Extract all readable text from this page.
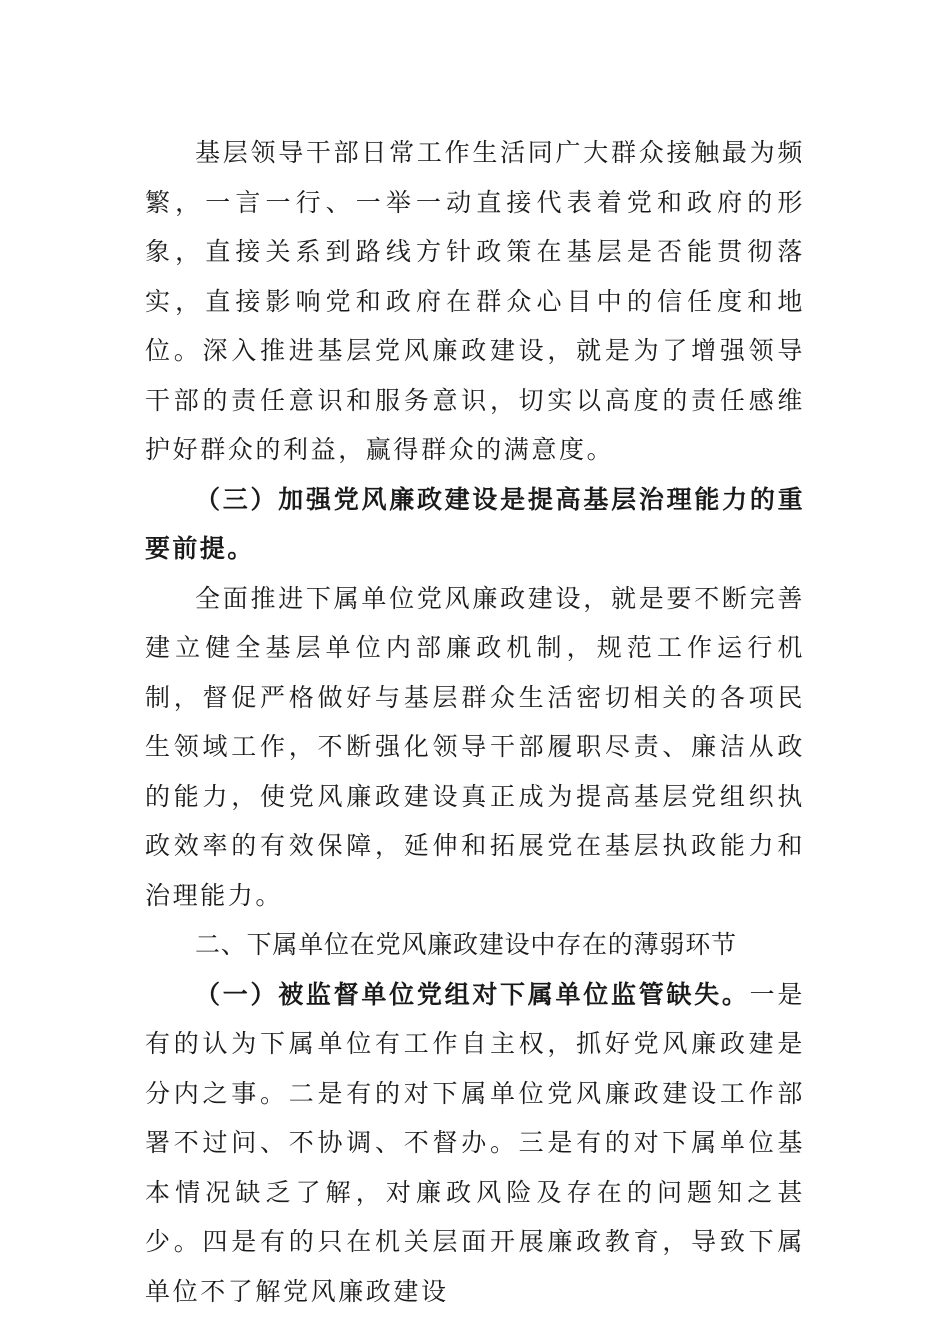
基层领导干部日常工作生活同广大群众接触最为频繁，一言一行、一举一动直接代表着党和政府的形象，直接关系到路线方针政策在基层是否能贯彻落实，直接影响党和政府在群众心目中的信任度和地位。深入推进基层党风廉政建设，就是为了增强领导干部的责任意识和服务意识，切实以高度的责任感维护好群众的利益，赢得群众的满意度。

（三）加强党风廉政建设是提高基层治理能力的重要前提。

全面推进下属单位党风廉政建设，就是要不断完善建立健全基层单位内部廉政机制，规范工作运行机制，督促严格做好与基层群众生活密切相关的各项民生领域工作，不断强化领导干部履职尽责、廉洁从政的能力，使党风廉政建设真正成为提高基层党组织执政效率的有效保障，延伸和拓展党在基层执政能力和治理能力。

二、下属单位在党风廉政建设中存在的薄弱环节

（一）被监督单位党组对下属单位监管缺失。一是有的认为下属单位有工作自主权，抓好党风廉政建是分内之事。二是有的对下属单位党风廉政建设工作部署不过问、不协调、不督办。三是有的对下属单位基本情况缺乏了解，对廉政风险及存在的问题知之甚少。四是有的只在机关层面开展廉政教育，导致下属单位不了解党风廉政建设
